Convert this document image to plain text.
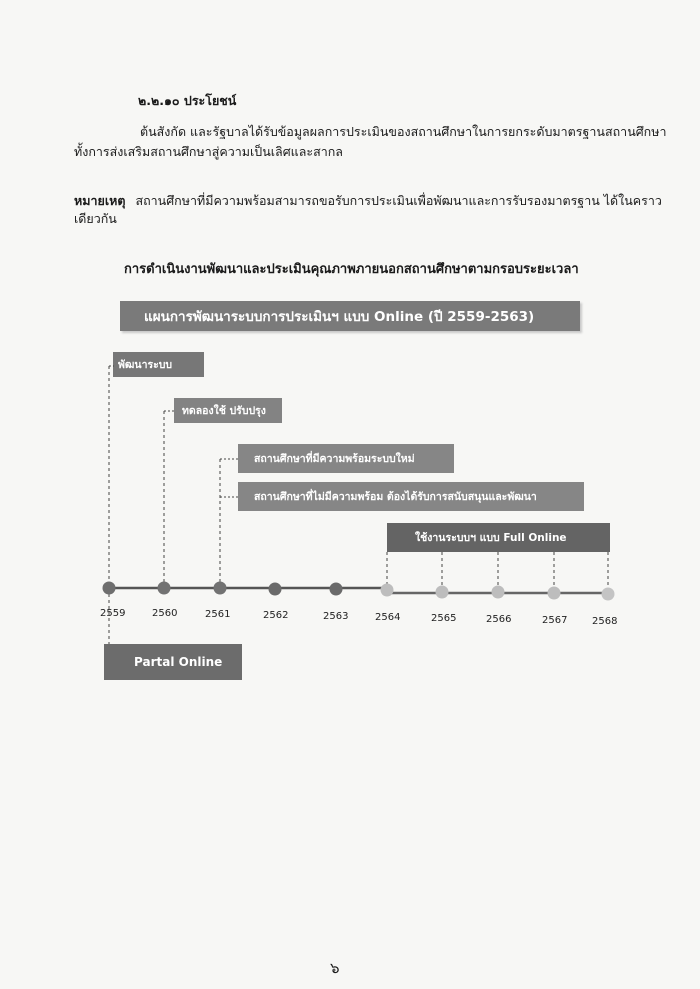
๒.๒.๑๐ ประโยชน์
ต้นสังกัด และรัฐบาลได้รับข้อมูลผลการประเมินของสถานศึกษาในการยกระดับมาตรฐานสถานศึกษา
ทั้งการส่งเสริมสถานศึกษาสู่ความเป็นเลิศและสากล
หมายเหตุ สถานศึกษาที่มีความพร้อมสามารถขอรับการประเมินเพื่อพัฒนาและการรับรองมาตรฐาน ได้ในคราว
เดียวกัน
การดำเนินงานพัฒนาและประเมินคุณภาพภายนอกสถานศึกษาตามกรอบระยะเวลา
แผนการพัฒนาระบบการประเมินฯ แบบ Online (ปี 2559-2563)
พัฒนาระบบ
ทดลองใช้ ปรับปรุง
สถานศึกษาที่มีความพร้อมระบบใหม่
สถานศึกษาที่ไม่มีความพร้อม ต้องได้รับการสนับสนุนและพัฒนา
ใช้งานระบบฯ แบบ Full Online
Partal Online
2559	2560	2561	2562	2563	2564	2565	2566	2567 2568
๖
